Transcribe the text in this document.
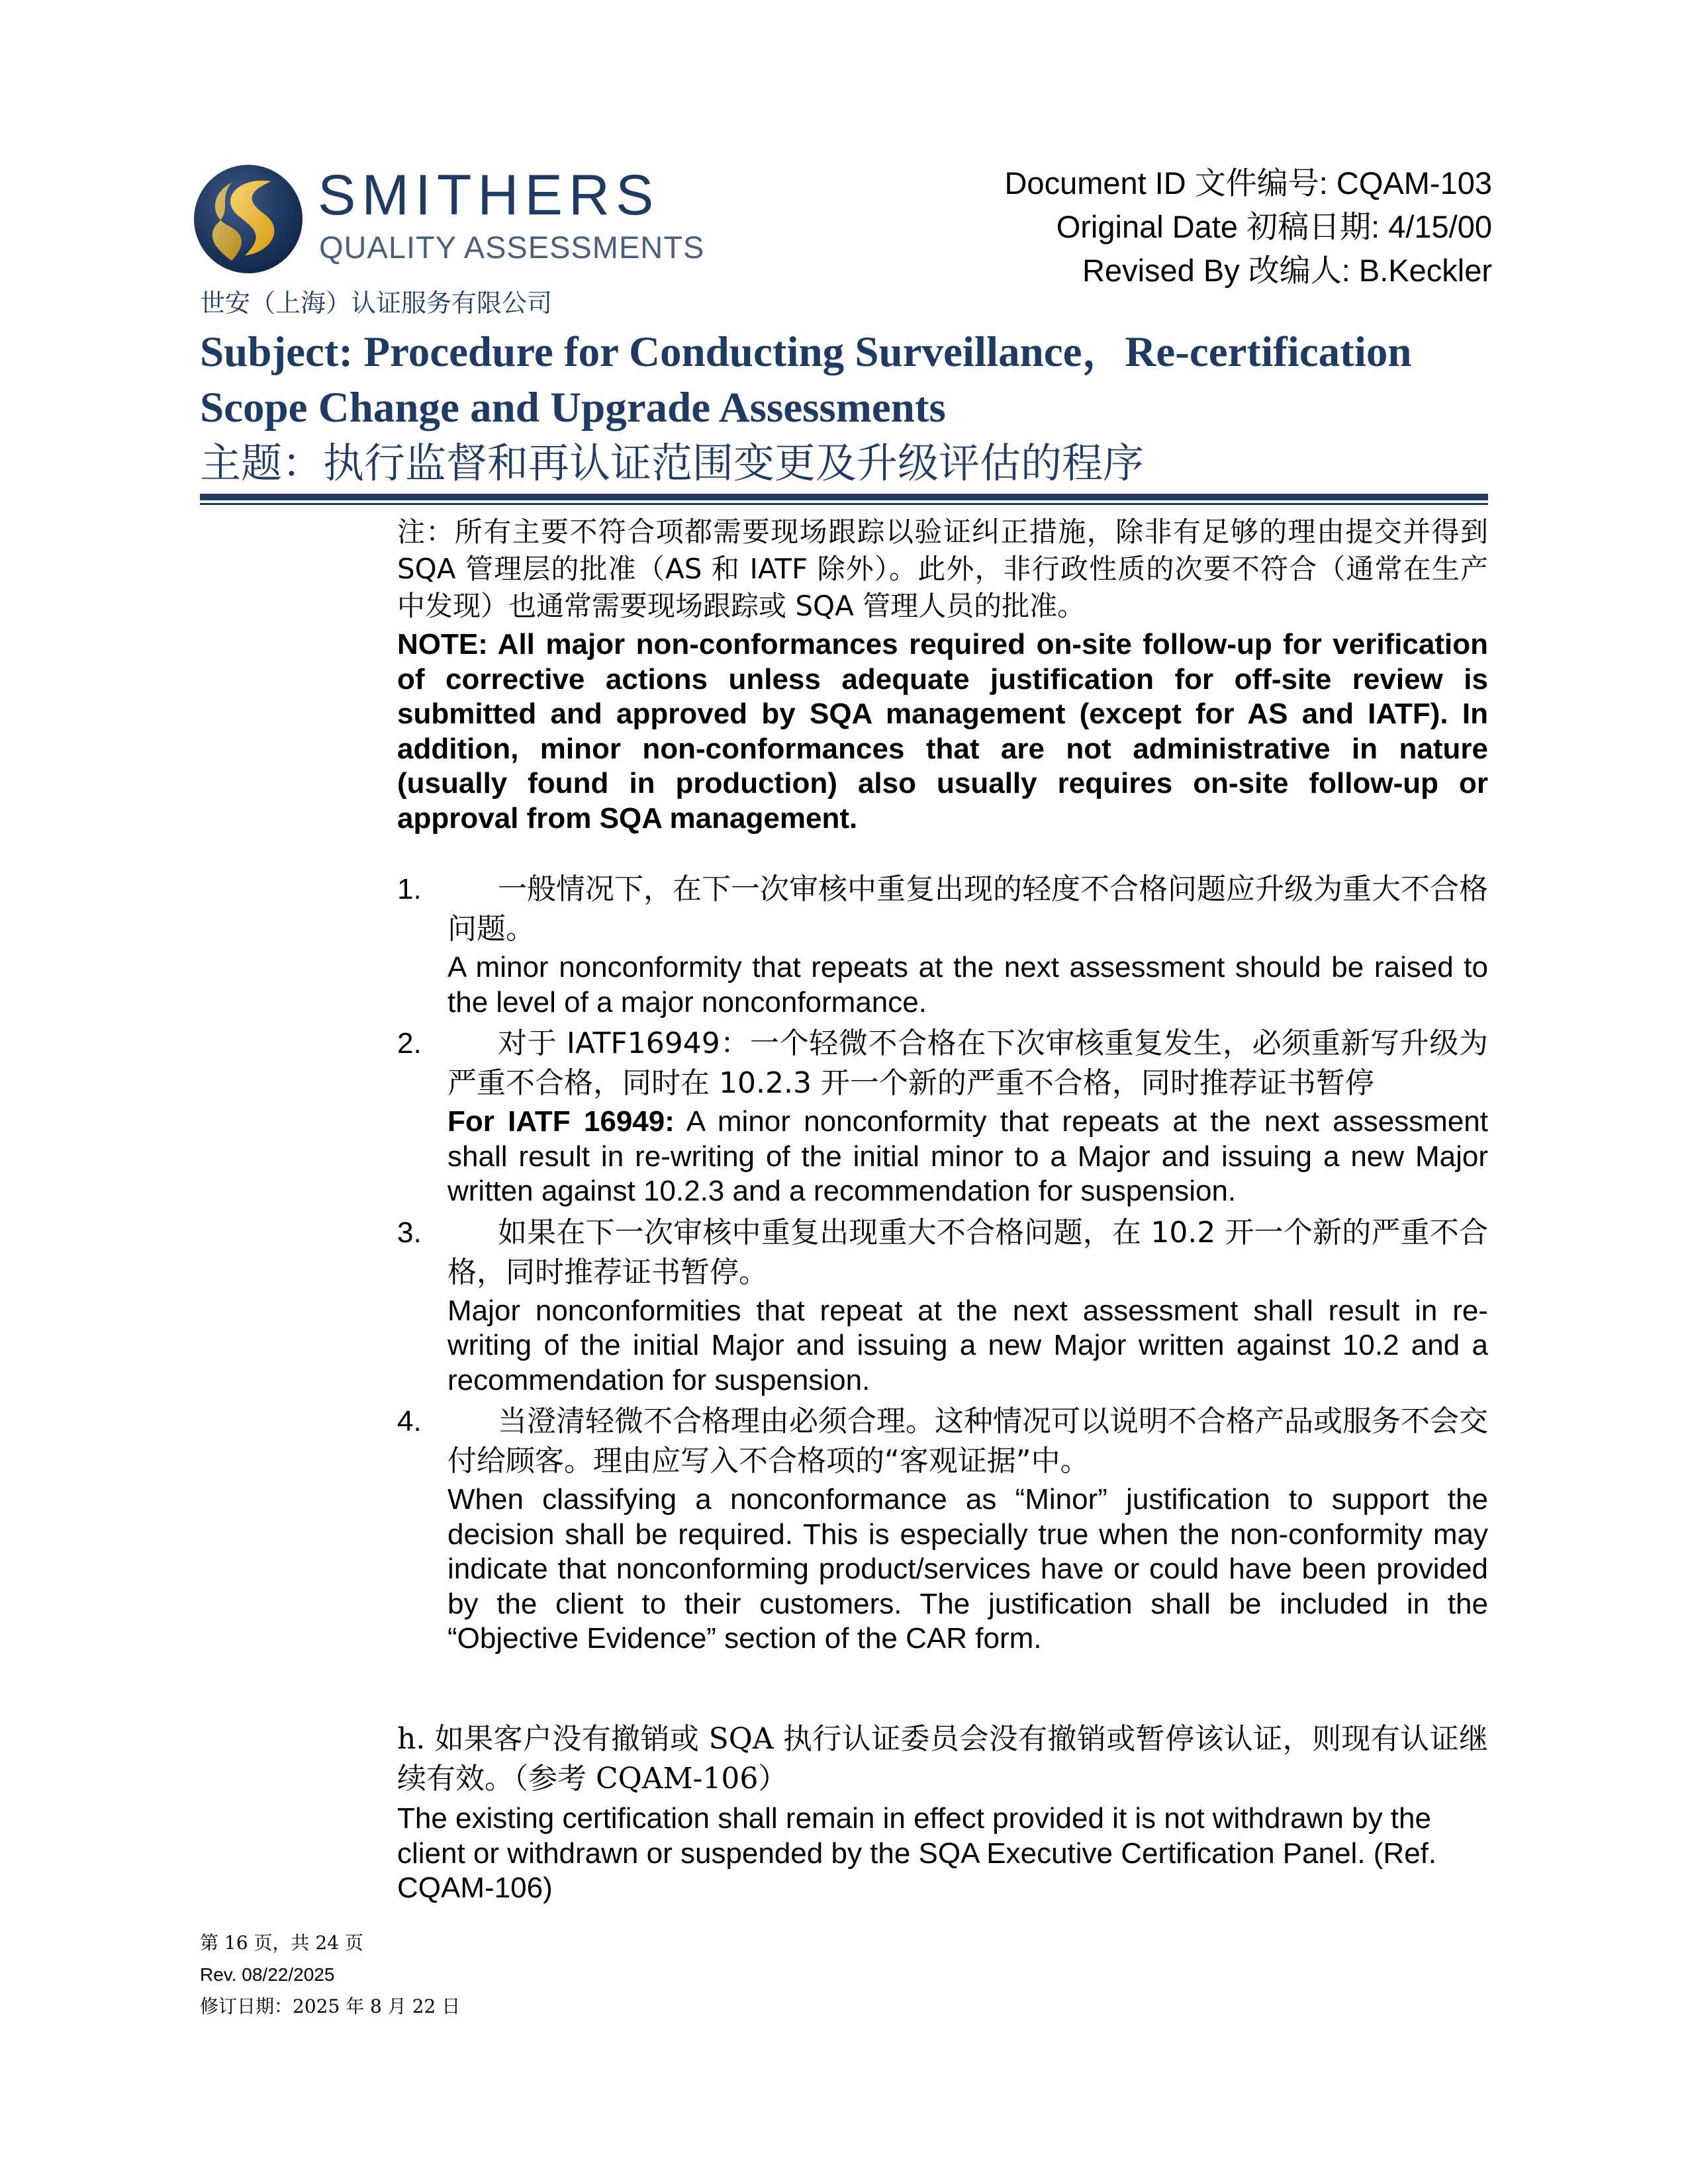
SMITHERS
QUALITY ASSESSMENTS
世安（上海）认证服务有限公司
Document ID 文件编号: CQAM-103
Original Date 初稿日期: 4/15/00
Revised By 改编人: B.Keckler
Subject: Procedure for Conducting Surveillance，Re-certification
Scope Change and Upgrade Assessments
主题：执行监督和再认证范围变更及升级评估的程序

注：所有主要不符合项都需要现场跟踪以验证纠正措施，除非有足够的理由提交并得到 SQA 管理层的批准（AS 和 IATF 除外）。此外，非行政性质的次要不符合（通常在生产中发现）也通常需要现场跟踪或 SQA 管理人员的批准。

NOTE: All major non-conformances required on-site follow-up for verification of corrective actions unless adequate justification for off-site review is submitted and approved by SQA management (except for AS and IATF). In addition, minor non-conformances that are not administrative in nature (usually found in production) also usually requires on-site follow-up or approval from SQA management.

1.	一般情况下，在下一次审核中重复出现的轻度不合格问题应升级为重大不合格问题。

A minor nonconformity that repeats at the next assessment should be raised to the level of a major nonconformance.

2.	对于 IATF16949：一个轻微不合格在下次审核重复发生，必须重新写升级为严重不合格，同时在 10.2.3 开一个新的严重不合格，同时推荐证书暂停

For IATF 16949: A minor nonconformity that repeats at the next assessment shall result in re-writing of the initial minor to a Major and issuing a new Major written against 10.2.3 and a recommendation for suspension.

3.	如果在下一次审核中重复出现重大不合格问题，在 10.2 开一个新的严重不合格，同时推荐证书暂停。

Major nonconformities that repeat at the next assessment shall result in re-writing of the initial Major and issuing a new Major written against 10.2 and a recommendation for suspension.

4.	当澄清轻微不合格理由必须合理。这种情况可以说明不合格产品或服务不会交付给顾客。理由应写入不合格项的“客观证据”中。

When classifying a nonconformance as “Minor” justification to support the decision shall be required. This is especially true when the non-conformity may indicate that nonconforming product/services have or could have been provided by the client to their customers. The justification shall be included in the “Objective Evidence” section of the CAR form.

h. 如果客户没有撤销或 SQA 执行认证委员会没有撤销或暂停该认证，则现有认证继续有效。（参考 CQAM-106）

The existing certification shall remain in effect provided it is not withdrawn by the client or withdrawn or suspended by the SQA Executive Certification Panel. (Ref. CQAM-106)

第 16 页，共 24 页
Rev. 08/22/2025
修订日期：2025 年 8 月 22 日
